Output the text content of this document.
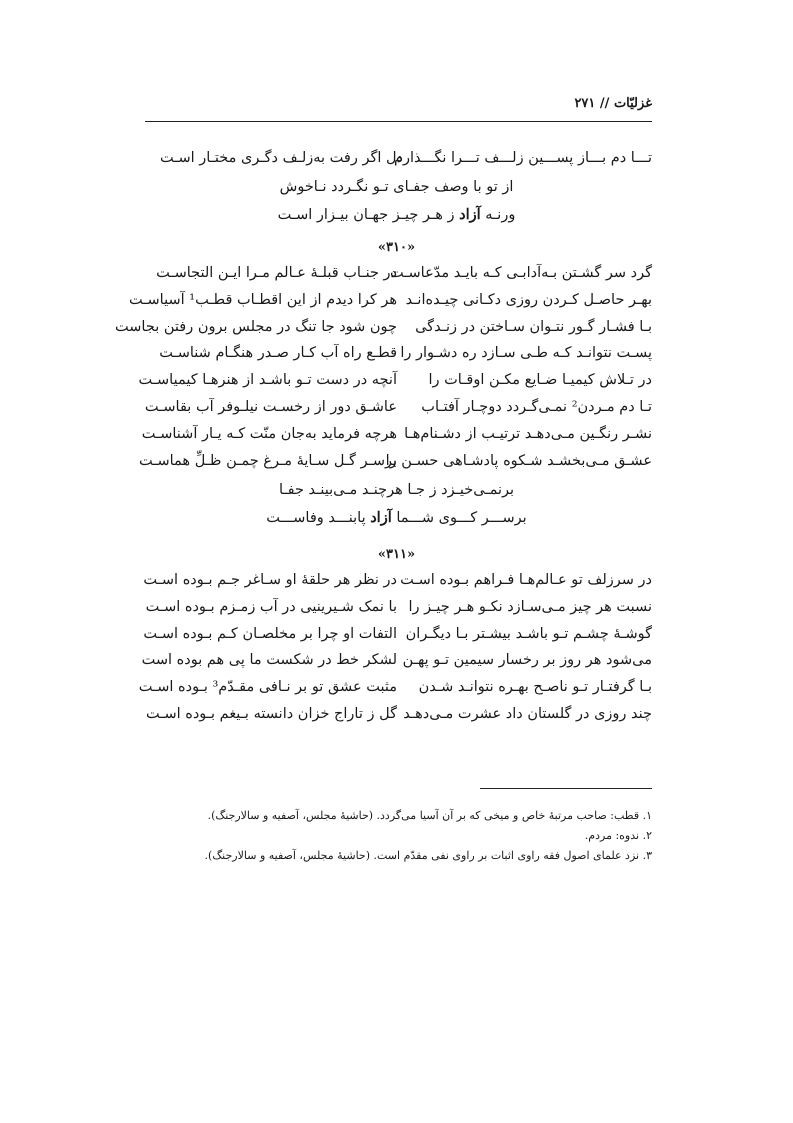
غزلیّات // ۲۷۱
تـــا دم بـــاز پســـین زلـــف تـــرا نگـــذارم
دل اگر رفت به‌زلـف دگـری مختـار اسـت
از تو با وصف جفـای تـو نگـردد نـاخوش
ورنـه آزاد ز هـر چیـز جهـان بیـزار اسـت
«۳۱۰»
گرد سر گشـتن بـه‌آدابـی کـه بایـد مدّعاسـت
در جنـاب قبلـهٔ عـالم مـرا ایـن التجاسـت
بهـر حاصـل کـردن روزی دکـانی چیـده‌انـد
هر کرا دیدم از این اقطـاب قطـب¹ آسیاسـت
بـا فشـار گـور نتـوان سـاختن در زنـدگی
چون شود جا تنگ در مجلس برون رفتن بجاست
پسـت نتوانـد کـه طـی سـازد ره دشـوار را
قطـع راه آب کـار صـدر هنگـام شناسـت
در تـلاش کیمیـا ضـایع مکـن اوقـات را
آنچه در دست تـو باشـد از هنرهـا کیمیاسـت
تـا دم مـردن² نمـی‌گـردد دوچـار آفتـاب
عاشـق دور از رخسـت نیلـوفر آب بقاسـت
نشـر رنگـین مـی‌دهـد ترتیـب از دشـنام‌هـا
هرچه فرماید به‌جان منّت کـه یـار آشناسـت
عشـق مـی‌بخشـد شـکوه پادشـاهی حسـن را
برسـر گـل سـایهٔ مـرغ چمـن ظـلِّ هماسـت
برنمـی‌خیـزد ز جـا هرچنـد مـی‌بینـد جفـا
برســـر کـــوی شـــما آزاد پابنـــد وفاســـت
«۳۱۱»
در سرزلف تو عـالم‌هـا فـراهم بـوده اسـت
در نظر هر حلقهٔ او سـاغر جـم بـوده اسـت
نسبت هر چیز مـی‌سـازد نکـو هـر چیـز را
با نمک شـیرینیی در آب زمـزم بـوده اسـت
گوشـهٔ چشـم تـو باشـد بیشـتر بـا دیگـران
التفات او چرا بر مخلصـان کـم بـوده اسـت
می‌شود هر روز بر رخسار سیمین تـو پهـن
لشکر خط در شکست ما پی هم بوده است
بـا گرفتـار تـو ناصـح بهـره نتوانـد شـدن
مثبت عشق تو بر نـافی مقـدّم³ بـوده اسـت
چند روزی در گلستان داد عشرت مـی‌دهـد
گل ز تاراج خزان دانسته بـیغم بـوده اسـت
۱. قطب: صاحب مرتبهٔ خاص و میخی که بر آن آسیا می‌گردد. (حاشیهٔ مجلس، آصفیه و سالارجنگ).
۲. ندوه: مردم.
۳. نزد علمای اصول فقه راوی اثبات بر راوی نفی مقدّم است. (حاشیهٔ مجلس، آصفیه و سالارجنگ).
